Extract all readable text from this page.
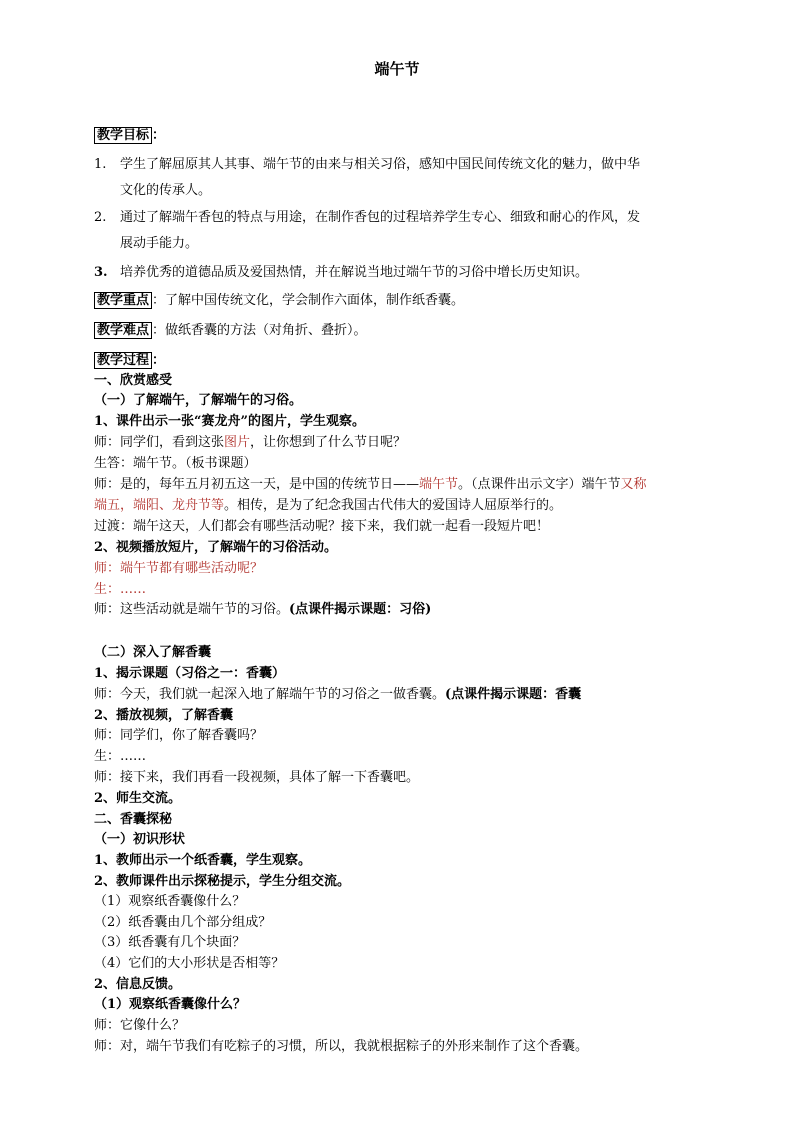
端午节
教学目标 ：
1. 学生了解屈原其人其事、端午节的由来与相关习俗，感知中国民间传统文化的魅力，做中华
文化的传承人。
2. 通过了解端午香包的特点与用途，在制作香包的过程培养学生专心、细致和耐心的作风，发
展动手能力。
3. 培养优秀的道德品质及爱国热情，并在解说当地过端午节的习俗中增长历史知识。
教学重点 ：了解中国传统文化，学会制作六面体，制作纸香囊。
教学难点 ：做纸香囊的方法（对角折、叠折）。
教学过程 ：
一、欣赏感受
（一）了解端午，了解端午的习俗。
1、课件出示一张“赛龙舟”的图片，学生观察。
师：同学们，看到这张图片，让你想到了什么节日呢？
生答：端午节。（板书课题）
师：是的，每年五月初五这一天，是中国的传统节日——端午节。（点课件出示文字）端午节又称
端五，端阳、龙舟节等。相传，是为了纪念我国古代伟大的爱国诗人屈原举行的。
过渡：端午这天，人们都会有哪些活动呢？接下来，我们就一起看一段短片吧！
2、视频播放短片，了解端午的习俗活动。
师：端午节都有哪些活动呢？
生：……
师：这些活动就是端午节的习俗。(点课件揭示课题：习俗)
（二）深入了解香囊
1、揭示课题（习俗之一：香囊）
师：今天，我们就一起深入地了解端午节的习俗之一做香囊。(点课件揭示课题：香囊
2、播放视频，了解香囊
师：同学们，你了解香囊吗？
生：……
师：接下来，我们再看一段视频，具体了解一下香囊吧。
2、师生交流。
二、香囊探秘
（一）初识形状
1、教师出示一个纸香囊，学生观察。
2、教师课件出示探秘提示，学生分组交流。
（1）观察纸香囊像什么？
（2）纸香囊由几个部分组成？
（3）纸香囊有几个块面？
（4）它们的大小形状是否相等？
2、信息反馈。
（1）观察纸香囊像什么？
师：它像什么？
师：对，端午节我们有吃粽子的习惯，所以，我就根据粽子的外形来制作了这个香囊。
